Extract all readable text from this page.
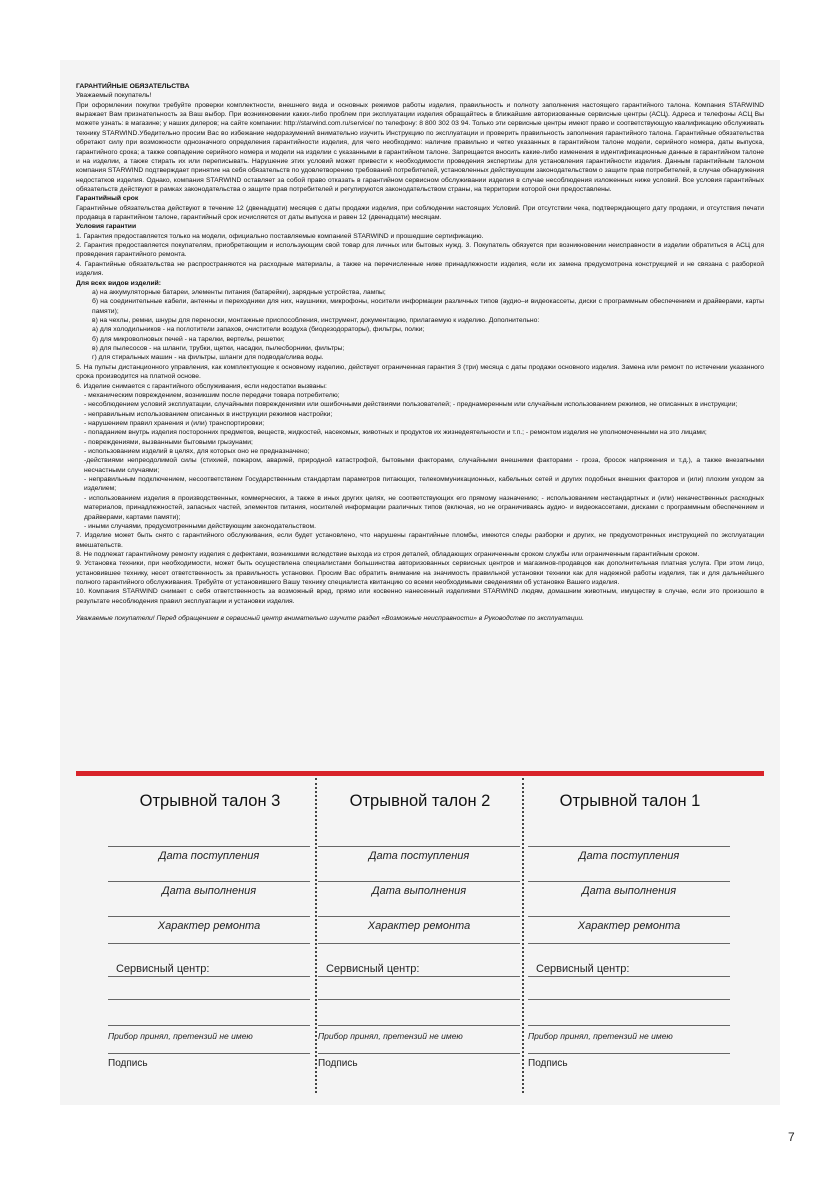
ГАРАНТИЙНЫЕ ОБЯЗАТЕЛЬСТВА

Уважаемый покупатель!

При оформлении покупки требуйте проверки комплектности, внешнего вида и основных режимов работы изделия, правильность и полноту заполнения настоящего гарантийного талона. Компания STARWIND выражает Вам признательность за Ваш выбор. При возникновении каких-либо проблем при эксплуатации изделия обращайтесь в ближайшие авторизованные сервисные центры (АСЦ). Адреса и телефоны АСЦ Вы можете узнать: в магазине; у наших дилеров; на сайте компании: http://starwind.com.ru/service/ по телефону: 8 800 302 03 94. Только эти сервисные центры имеют право и соответствующую квалификацию обслуживать технику STARWIND.Убедительно просим Вас во избежание недоразумений внимательно изучить Инструкцию по эксплуатации и проверить правильность заполнения гарантийного талона. Гарантийные обязательства обретают силу при возможности однозначного определения гарантийности изделия, для чего необходимо: наличие правильно и четко указанных в гарантийном талоне модели, серийного номера, даты выпуска, гарантийного срока; а также совпадение серийного номера и модели на изделии с указанными в гарантийном талоне. Запрещается вносить какие-либо изменения в идентификационные данные в гарантийном талоне и на изделии, а также стирать их или переписывать. Нарушение этих условий может привести к необходимости проведения экспертизы для установления гарантийности изделия. Данным гарантийным талоном компания STARWIND подтверждает принятие на себя обязательств по удовлетворению требований потребителей, установленных действующим законодательством о защите прав потребителей, в случае обнаружения недостатков изделия. Однако, компания STARWIND оставляет за собой право отказать в гарантийном сервисном обслуживании изделия в случае несоблюдения изложенных ниже условий. Все условия гарантийных обязательств действуют в рамках законодательства о защите прав потребителей и регулируются законодательством страны, на территории которой они предоставлены.

Гарантийный срок

Гарантийные обязательства действуют в течение 12 (двенадцати) месяцев с даты продажи изделия, при соблюдении настоящих Условий. При отсутствии чека, подтверждающего дату продажи, и отсутствия печати продавца в гарантийном талоне, гарантийный срок исчисляется от даты выпуска и равен 12 (двенадцати) месяцам.

Условия гарантии

1. Гарантия предоставляется только на модели, официально поставляемые компанией STARWIND и прошедшие сертификацию.

2. Гарантия предоставляется покупателям, приобретающим и использующим свой товар для личных или бытовых нужд. 3. Покупатель обязуется при возникновении неисправности в изделии обратиться в АСЦ для проведения гарантийного ремонта.

4. Гарантийные обязательства не распространяются на расходные материалы, а также на перечисленные ниже принадлежности изделия, если их замена предусмотрена конструкцией и не связана с разборкой изделия.

Для всех видов изделий:

а) на аккумуляторные батареи, элементы питания (батарейки), зарядные устройства, лампы;

б) на соединительные кабели, антенны и переходники для них, наушники, микрофоны, носители информации различных типов (аудио–и видеокассеты, диски с программным обеспечением и драйверами, карты памяти);

в) на чехлы, ремни, шнуры для переноски, монтажные приспособления, инструмент, документацию, прилагаемую к изделию. Дополнительно:

а) для холодильников - на поглотители запахов, очистители воздуха (биодезодораторы), фильтры, полки;

б) для микроволновых печей - на тарелки, вертелы, решетки;

в) для пылесосов - на шланги, трубки, щетки, насадки, пылесборники, фильтры;

г) для стиральных машин - на фильтры, шланги для подвода/слива воды.

5. На пульты дистанционного управления, как комплектующие к основному изделию, действует ограниченная гарантия 3 (три) месяца с даты продажи основного изделия. Замена или ремонт по истечении указанного срока производится на платной основе.

6. Изделие снимается с гарантийного обслуживания, если недостатки вызваны:

- механическим повреждением, возникшим после передачи товара потребителю;

- несоблюдением условий эксплуатации, случайными повреждениями или ошибочными действиями пользователей; - преднамеренным или случайным использованием режимов, не описанных в инструкции;

- неправильным использованием описанных в инструкции режимов настройки;

- нарушением правил хранения и (или) транспортировки;

- попаданием внутрь изделия посторонних предметов, веществ, жидкостей, насекомых, животных и продуктов их жизнедеятельности и т.п.; - ремонтом изделия не уполномоченными на это лицами;

- повреждениями, вызванными бытовыми грызунами;

- использованием изделий в целях, для которых оно не предназначено;

-действиями непреодолимой силы (стихией, пожаром, аварией, природной катастрофой, бытовыми факторами, случайными внешними факторами - гроза, бросок напряжения и т.д.), а также внезапными несчастными случаями;

- неправильным подключением, несоответствием Государственным стандартам параметров питающих, телекоммуникационных, кабельных сетей и других подобных внешних факторов и (или) плохим уходом за изделием;

- использованием изделия в производственных, коммерческих, а также в иных других целях, не соответствующих его прямому назначению; - использованием нестандартных и (или) некачественных расходных материалов, принадлежностей, запасных частей, элементов питания, носителей информации различных типов (включая, но не ограничиваясь аудио- и видеокассетами, дисками с программным обеспечением и драйверами, картами памяти);

- иными случаями, предусмотренными действующим законодательством.

7. Изделие может быть снято с гарантийного обслуживания, если будет установлено, что нарушены гарантийные пломбы, имеются следы разборки и других, не предусмотренных инструкцией по эксплуатации вмешательств.

8. Не подлежат гарантийному ремонту изделия с дефектами, возникшими вследствие выхода из строя деталей, обладающих ограниченным сроком службы или ограниченным гарантийным сроком.

9. Установка техники, при необходимости, может быть осуществлена специалистами большинства авторизованных сервисных центров и магазинов-продавцов как дополнительная платная услуга. При этом лицо, установившее технику, несет ответственность за правильность установки. Просим Вас обратить внимание на значимость правильной установки техники как для надежной работы изделия, так и для дальнейшего полного гарантийного обслуживания. Требуйте от установившего Вашу технику специалиста квитанцию со всеми необходимыми сведениями об установке Вашего изделия.

10. Компания STARWIND снимает с себя ответственность за возможный вред, прямо или косвенно нанесенный изделиями STARWIND людям, домашним животным, имуществу в случае, если это произошло в результате несоблюдения правил эксплуатации и установки изделия.

Уважаемые покупатели! Перед обращением в сервисный центр внимательно изучите раздел «Возможные неисправности» в Руководстве по эксплуатации.

Отрывной талон 3
Дата поступления
Дата выполнения
Характер ремонта
Сервисный центр:
Прибор принял, претензий не имею
Подпись
Отрывной талон 2
Дата поступления
Дата выполнения
Характер ремонта
Сервисный центр:
Прибор принял, претензий не имею
Подпись
Отрывной талон 1
Дата поступления
Дата выполнения
Характер ремонта
Сервисный центр:
Прибор принял, претензий не имею
Подпись
7
